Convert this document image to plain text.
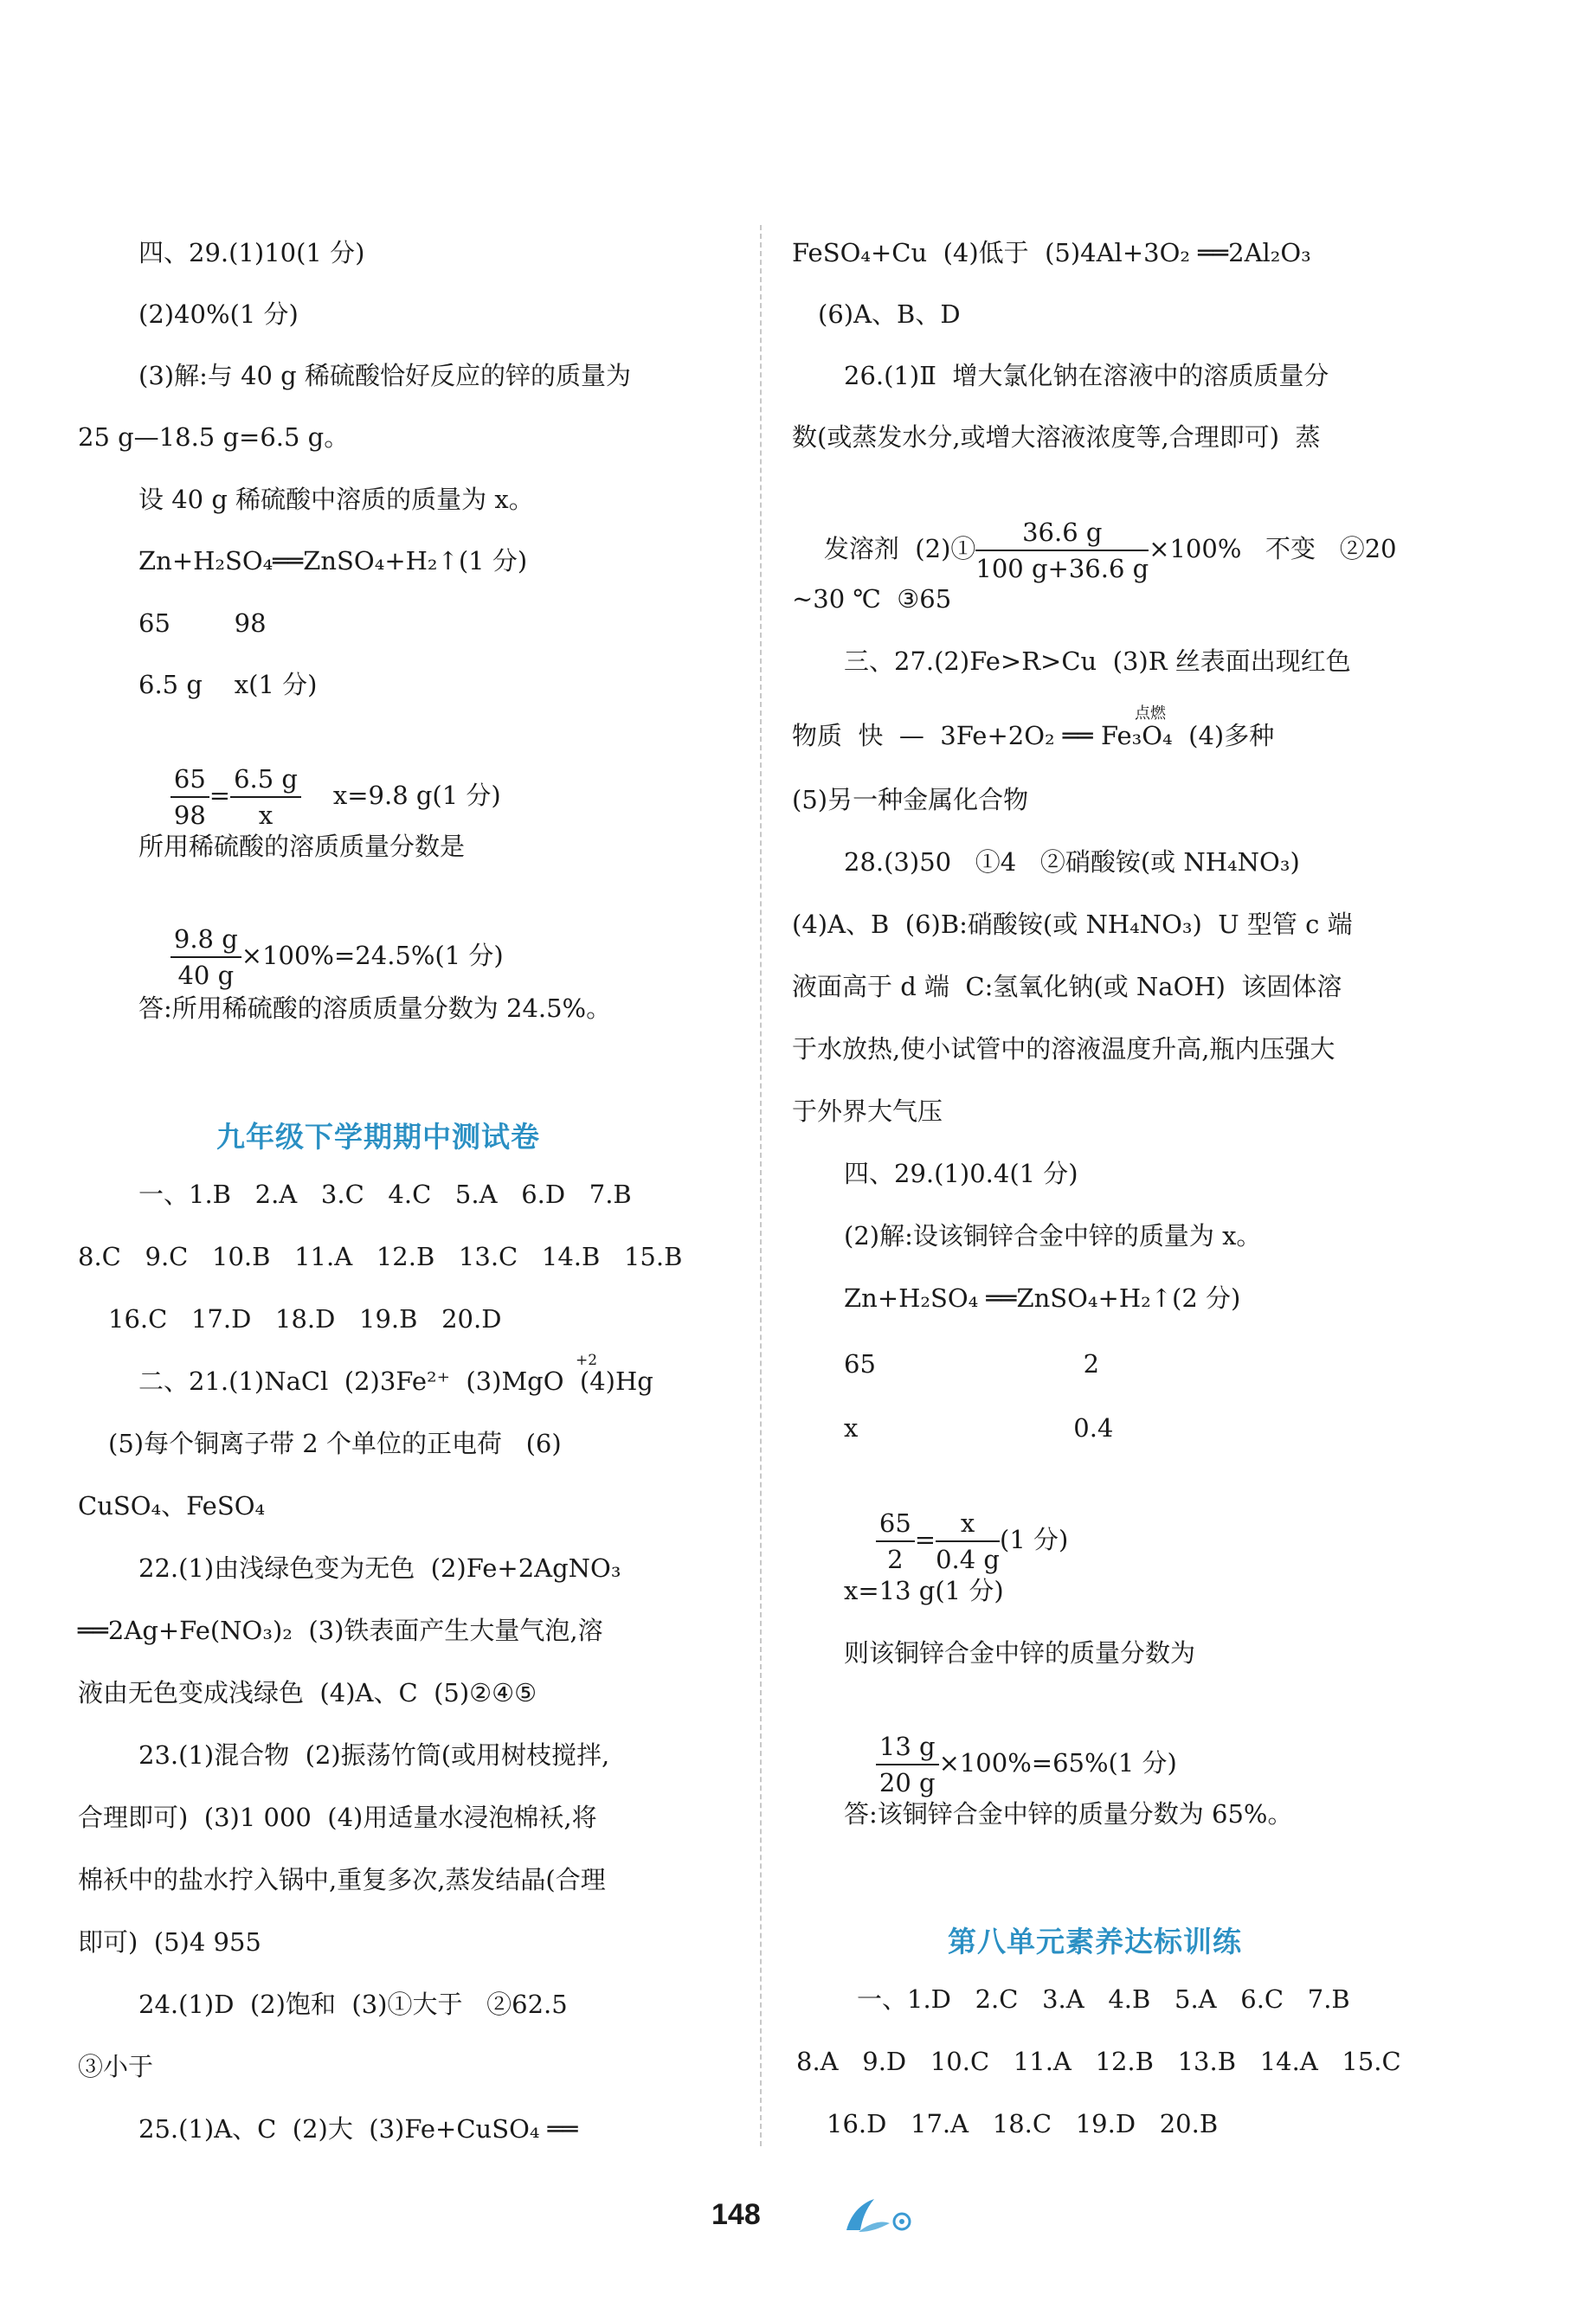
四、29.(1)10(1 分)
(2)40%(1 分)
(3)解:与 40 g 稀硫酸恰好反应的锌的质量为
25 g—18.5 g=6.5 g。
设 40 g 稀硫酸中溶质的质量为 x。
Zn+H₂SO₄══ZnSO₄+H₂↑(1 分)
65        98
6.5 g    x(1 分)

$\frac{65}{98} = \frac{6.5 g}{x} x=9.8$ g(1 分)

所用稀硫酸的溶质质量分数是

$\frac{9.8 g}{40 g} \times 100\%=24.5\%(1$ 分)

答:所用稀硫酸的溶质质量分数为 24.5%。
九年级下学期期中测试卷
一、1.B   2.A   3.C   4.C   5.A   6.D   7.B
8.C   9.C   10.B   11.A   12.B   13.C   14.B   15.B
16.C   17.D   18.D   19.B   20.D
二、21.(1)NaCl  (2)3Fe²⁺  (3)MgO  (4)Hg
+2
(5)每个铜离子带 2 个单位的正电荷   (6)
CuSO₄、FeSO₄
22.(1)由浅绿色变为无色  (2)Fe+2AgNO₃
══2Ag+Fe(NO₃)₂  (3)铁表面产生大量气泡,溶
液由无色变成浅绿色  (4)A、C  (5)②④⑤
23.(1)混合物  (2)振荡竹筒(或用树枝搅拌,
合理即可)  (3)1 000  (4)用适量水浸泡棉袄,将
棉袄中的盐水拧入锅中,重复多次,蒸发结晶(合理
即可)  (5)4 955
24.(1)D  (2)饱和  (3)①大于   ②62.5
③小于
25.(1)A、C  (2)大  (3)Fe+CuSO₄ ══
FeSO₄+Cu  (4)低于  (5)4Al+3O₂ ══2Al₂O₃
(6)A、B、D
26.(1)Ⅱ  增大氯化钠在溶液中的溶质质量分
数(或蒸发水分,或增大溶液浓度等,合理即可)  蒸

发溶剂  (2)① $\frac{36.6 g}{100 g+36.6 g} \times 100\%$   不变   ②20

~30 ℃  ③65
三、27.(2)Fe>R>Cu  (3)R 丝表面出现红色
点燃
物质  快  —  3Fe+2O₂ ══ Fe₃O₄  (4)多种
(5)另一种金属化合物
28.(3)50   ①4   ②硝酸铵(或 NH₄NO₃)
(4)A、B  (6)B:硝酸铵(或 NH₄NO₃)  U 型管 c 端
液面高于 d 端  C:氢氧化钠(或 NaOH)  该固体溶
于水放热,使小试管中的溶液温度升高,瓶内压强大
于外界大气压
四、29.(1)0.4(1 分)
(2)解:设该铜锌合金中锌的质量为 x。
Zn+H₂SO₄ ══ZnSO₄+H₂↑(2 分)
65                          2
x                           0.4

$\frac{65}{2} = \frac{x}{0.4 g} (1$ 分)

x=13 g(1 分)
则该铜锌合金中锌的质量分数为

$\frac{13 g}{20 g} \times 100\%=65\%(1$ 分)

答:该铜锌合金中锌的质量分数为 65%。
第八单元素养达标训练
一、1.D   2.C   3.A   4.B   5.A   6.C   7.B
8.A   9.D   10.C   11.A   12.B   13.B   14.A   15.C
16.D   17.A   18.C   19.D   20.B
148
